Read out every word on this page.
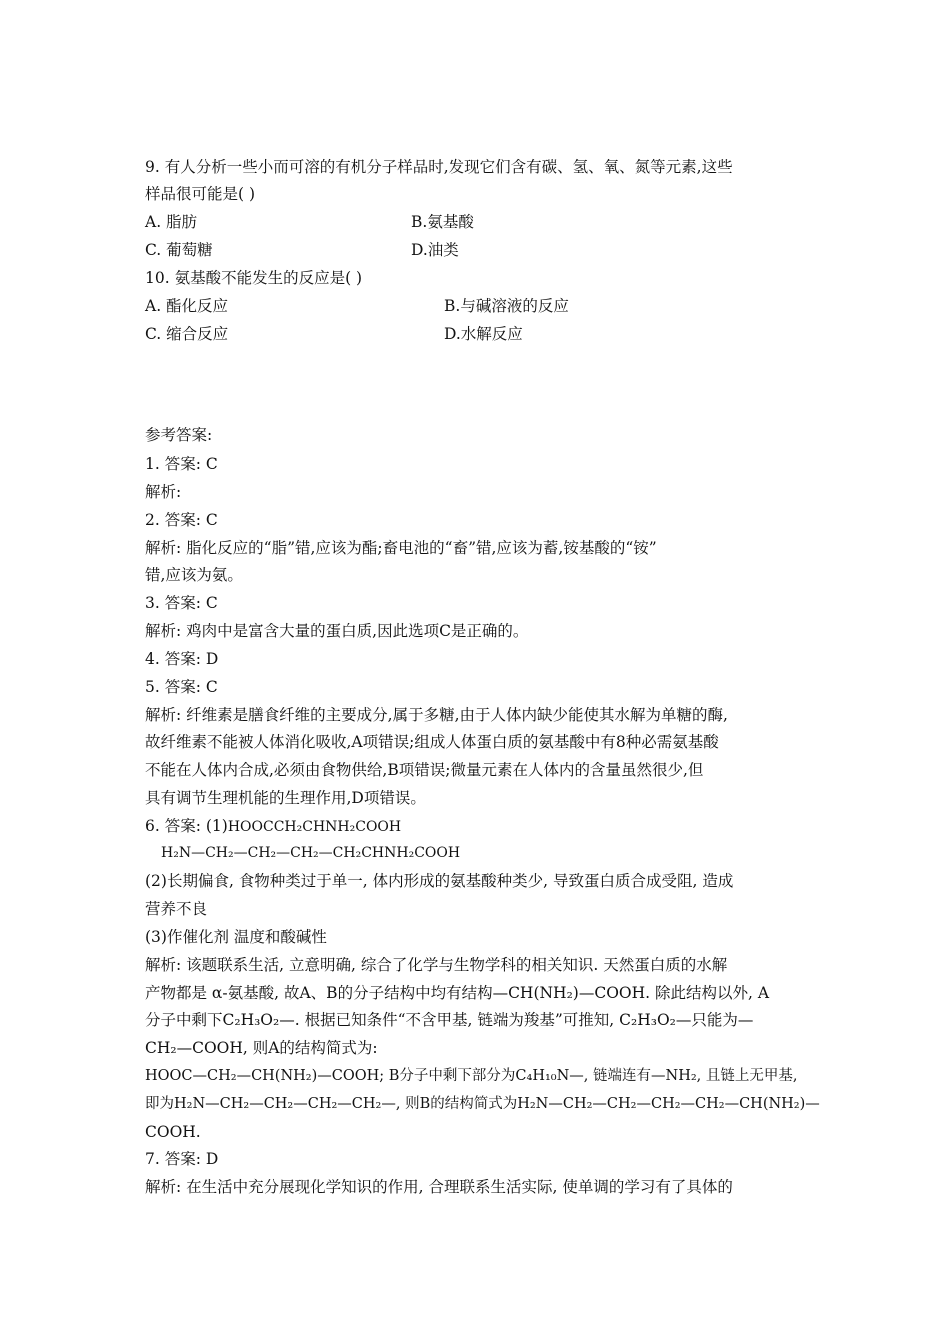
9. 有人分析一些小而可溶的有机分子样品时,发现它们含有碳、氢、氧、氮等元素,这些
样品很可能是( )
A. 脂肪	B.氨基酸
C. 葡萄糖	D.油类
10. 氨基酸不能发生的反应是( )
A. 酯化反应	B.与碱溶液的反应
C. 缩合反应	D.水解反应
参考答案:
1. 答案: C
解析:
2. 答案: C
解析: 脂化反应的“脂”错,应该为酯;畜电池的“畜”错,应该为蓄,铵基酸的“铵”
错,应该为氨。
3. 答案: C
解析: 鸡肉中是富含大量的蛋白质,因此选项C是正确的。
4. 答案: D
5. 答案: C
解析: 纤维素是膳食纤维的主要成分,属于多糖,由于人体内缺少能使其水解为单糖的酶,
故纤维素不能被人体消化吸收,A项错误;组成人体蛋白质的氨基酸中有8种必需氨基酸
不能在人体内合成,必须由食物供给,B项错误;微量元素在人体内的含量虽然很少,但
具有调节生理机能的生理作用,D项错误。
6. 答案: (1)HOOCCH₂CHNH₂COOH
H₂N—CH₂—CH₂—CH₂—CH₂CHNH₂COOH
(2)长期偏食, 食物种类过于单一, 体内形成的氨基酸种类少, 导致蛋白质合成受阻, 造成
营养不良
(3)作催化剂 温度和酸碱性
解析: 该题联系生活, 立意明确, 综合了化学与生物学科的相关知识. 天然蛋白质的水解
产物都是 α-氨基酸, 故A、B的分子结构中均有结构—CH(NH₂)—COOH. 除此结构以外, A
分子中剩下C₂H₃O₂—. 根据已知条件“不含甲基, 链端为羧基”可推知, C₂H₃O₂—只能为—
CH₂—COOH, 则A的结构简式为:
HOOC—CH₂—CH(NH₂)—COOH; B分子中剩下部分为C₄H₁₀N—, 链端连有—NH₂, 且链上无甲基,
即为H₂N—CH₂—CH₂—CH₂—CH₂—, 则B的结构简式为H₂N—CH₂—CH₂—CH₂—CH₂—CH(NH₂)—
COOH.
7. 答案: D
解析: 在生活中充分展现化学知识的作用, 合理联系生活实际, 使单调的学习有了具体的
